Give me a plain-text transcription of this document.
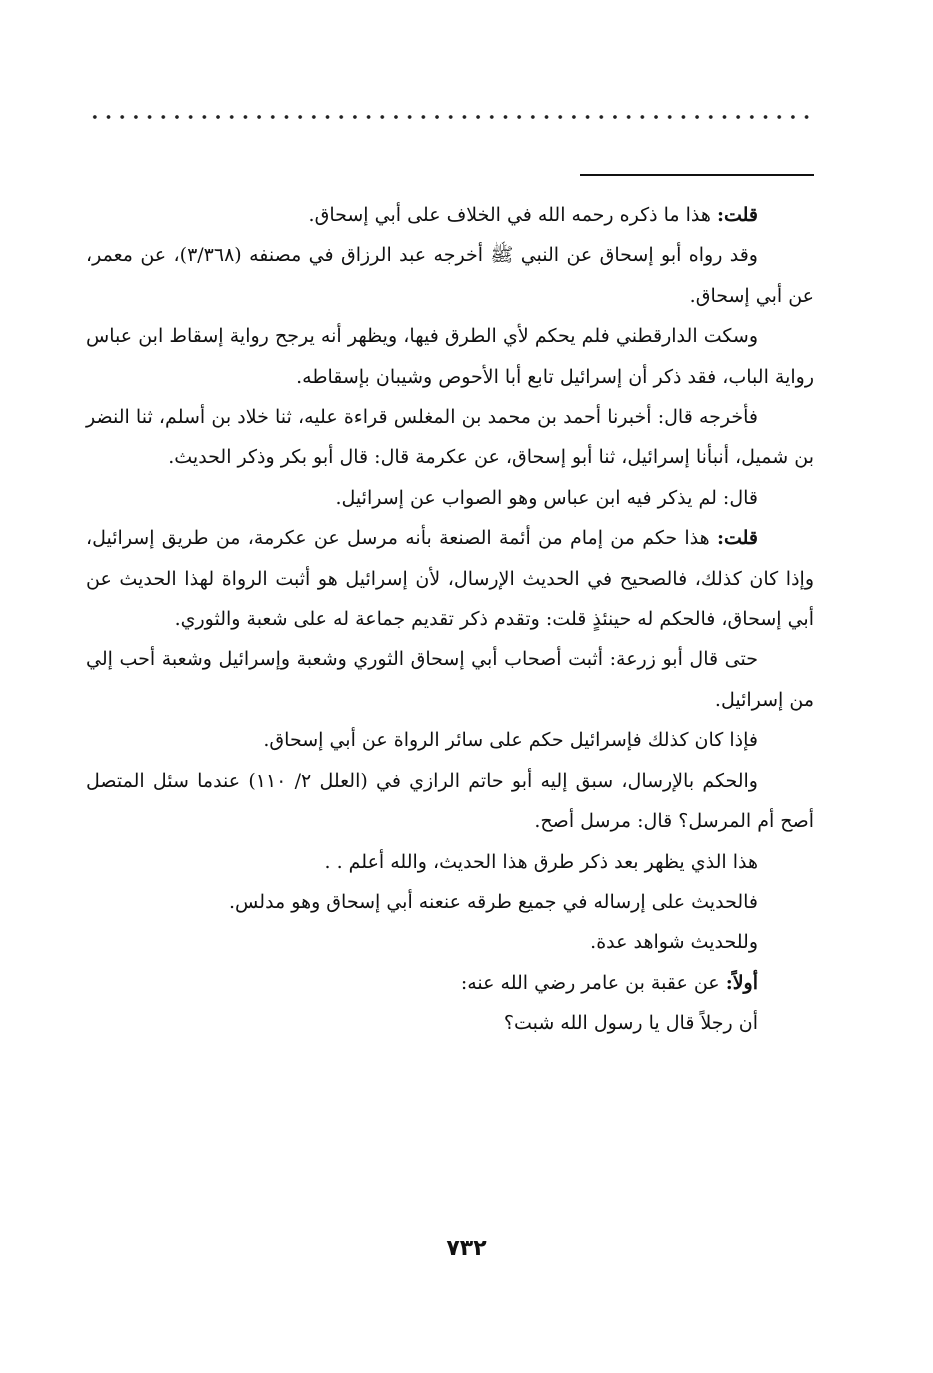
قلت: هذا ما ذكره رحمه الله في الخلاف على أبي إسحاق.

وقد رواه أبو إسحاق عن النبي ﷺ أخرجه عبد الرزاق في مصنفه (٣/٣٦٨)، عن معمر، عن أبي إسحاق.

وسكت الدارقطني فلم يحكم لأي الطرق فيها، ويظهر أنه يرجح رواية إسقاط ابن عباس رواية الباب، فقد ذكر أن إسرائيل تابع أبا الأحوص وشيبان بإسقاطه.

فأخرجه قال: أخبرنا أحمد بن محمد بن المغلس قراءة عليه، ثنا خلاد بن أسلم، ثنا النضر بن شميل، أنبأنا إسرائيل، ثنا أبو إسحاق، عن عكرمة قال: قال أبو بكر وذكر الحديث.

قال: لم يذكر فيه ابن عباس وهو الصواب عن إسرائيل.

قلت: هذا حكم من إمام من أئمة الصنعة بأنه مرسل عن عكرمة، من طريق إسرائيل، وإذا كان كذلك، فالصحيح في الحديث الإرسال، لأن إسرائيل هو أثبت الرواة لهذا الحديث عن أبي إسحاق، فالحكم له حينئذٍ قلت: وتقدم ذكر تقديم جماعة له على شعبة والثوري.

حتى قال أبو زرعة: أثبت أصحاب أبي إسحاق الثوري وشعبة وإسرائيل وشعبة أحب إلي من إسرائيل.

فإذا كان كذلك فإسرائيل حكم على سائر الرواة عن أبي إسحاق.

والحكم بالإرسال، سبق إليه أبو حاتم الرازي في (العلل ٢/ ١١٠) عندما سئل المتصل أصح أم المرسل؟ قال: مرسل أصح.

هذا الذي يظهر بعد ذكر طرق هذا الحديث، والله أعلم . .

فالحديث على إرساله في جميع طرقه عنعنه أبي إسحاق وهو مدلس.

وللحديث شواهد عدة.

أولاً: عن عقبة بن عامر رضي الله عنه:

أن رجلاً قال يا رسول الله شبت؟

٧٣٢
